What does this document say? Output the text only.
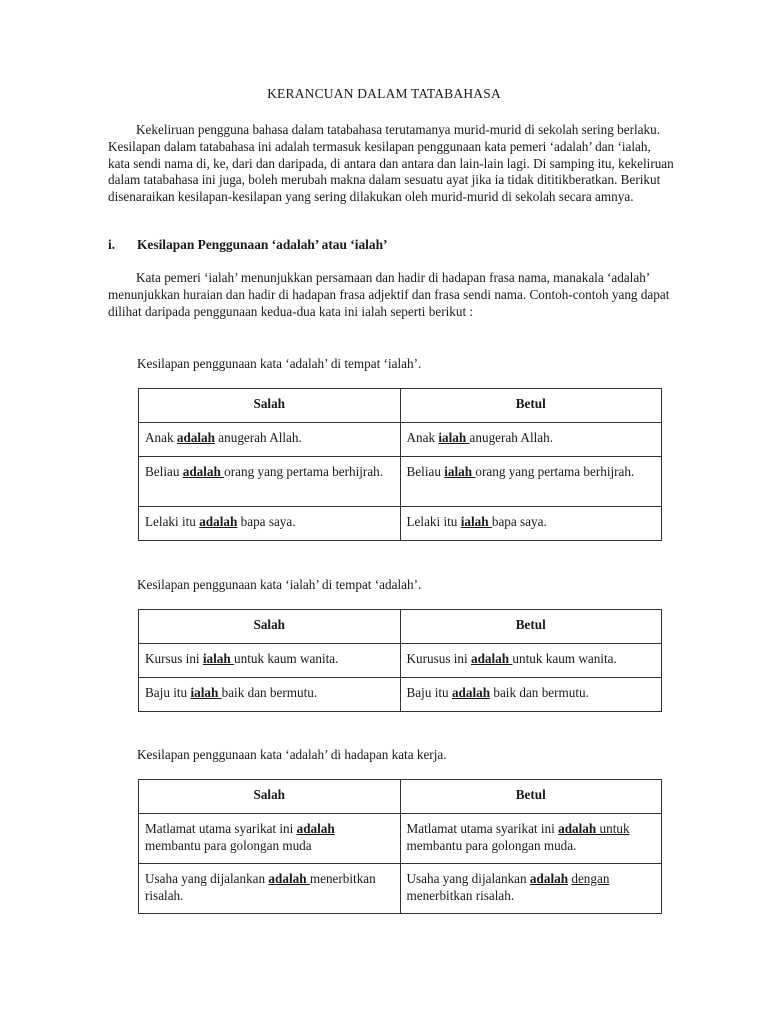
KERANCUAN DALAM TATABAHASA

Kekeliruan pengguna bahasa dalam tatabahasa terutamanya murid-murid di sekolah sering berlaku. Kesilapan dalam tatabahasa ini adalah termasuk kesilapan penggunaan kata pemeri ‘adalah’ dan ‘ialah, kata sendi nama di, ke, dari dan daripada, di antara dan antara dan lain-lain lagi. Di samping itu, kekeliruan dalam tatabahasa ini juga, boleh merubah makna dalam sesuatu ayat jika ia tidak dititikberatkan. Berikut disenaraikan kesilapan-kesilapan yang sering dilakukan oleh murid-murid di sekolah secara amnya.

i. Kesilapan Penggunaan ‘adalah’ atau ‘ialah’

Kata pemeri ‘ialah’ menunjukkan persamaan dan hadir di hadapan frasa nama, manakala ‘adalah’ menunjukkan huraian dan hadir di hadapan frasa adjektif dan frasa sendi nama. Contoh-contoh yang dapat dilihat daripada penggunaan kedua-dua kata ini ialah seperti berikut :

Kesilapan penggunaan kata ‘adalah’ di tempat ‘ialah’.
Salah	Betul
Anak adalah anugerah Allah.	Anak ialah anugerah Allah.
Beliau adalah orang yang pertama berhijrah.	Beliau ialah orang yang pertama berhijrah.
Lelaki itu adalah bapa saya.	Lelaki itu ialah bapa saya.
Kesilapan penggunaan kata ‘ialah’ di tempat ‘adalah’.
Salah	Betul
Kursus ini ialah untuk kaum wanita.	Kurusus ini adalah untuk kaum wanita.
Baju itu ialah baik dan bermutu.	Baju itu adalah baik dan bermutu.
Kesilapan penggunaan kata ‘adalah’ di hadapan kata kerja.
Salah	Betul
Matlamat utama syarikat ini adalah membantu para golongan muda	Matlamat utama syarikat ini adalah untuk membantu para golongan muda.
Usaha yang dijalankan adalah menerbitkan risalah.	Usaha yang dijalankan adalah dengan menerbitkan risalah.
